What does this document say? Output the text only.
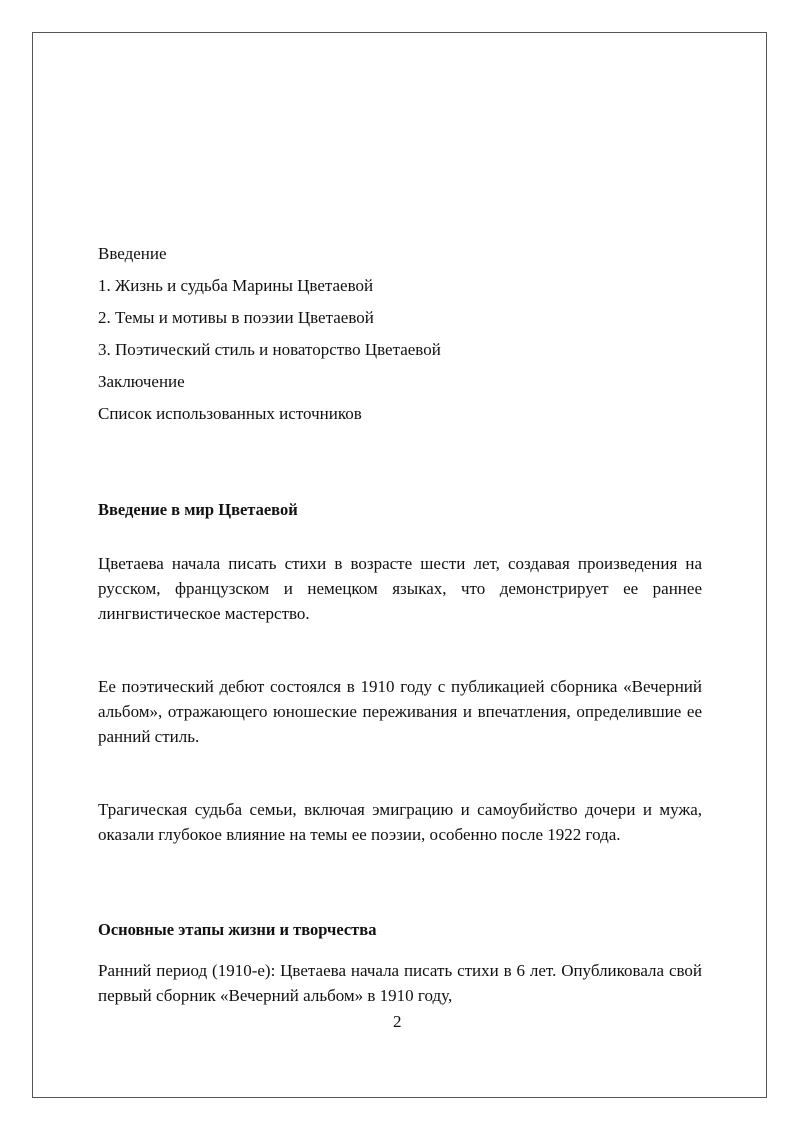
Введение
1. Жизнь и судьба Марины Цветаевой
2. Темы и мотивы в поэзии Цветаевой
3. Поэтический стиль и новаторство Цветаевой
Заключение
Список использованных источников
Введение в мир Цветаевой

Цветаева начала писать стихи в возрасте шести лет, создавая произведения на русском, французском и немецком языках, что демонстрирует ее раннее лингвистическое мастерство.

Ее поэтический дебют состоялся в 1910 году с публикацией сборника «Вечерний альбом», отражающего юношеские переживания и впечатления, определившие ее ранний стиль.

Трагическая судьба семьи, включая эмиграцию и самоубийство дочери и мужа, оказали глубокое влияние на темы ее поэзии, особенно после 1922 года.

Основные этапы жизни и творчества

Ранний период (1910-е): Цветаева начала писать стихи в 6 лет. Опубликовала свой первый сборник «Вечерний альбом» в 1910 году,

2
